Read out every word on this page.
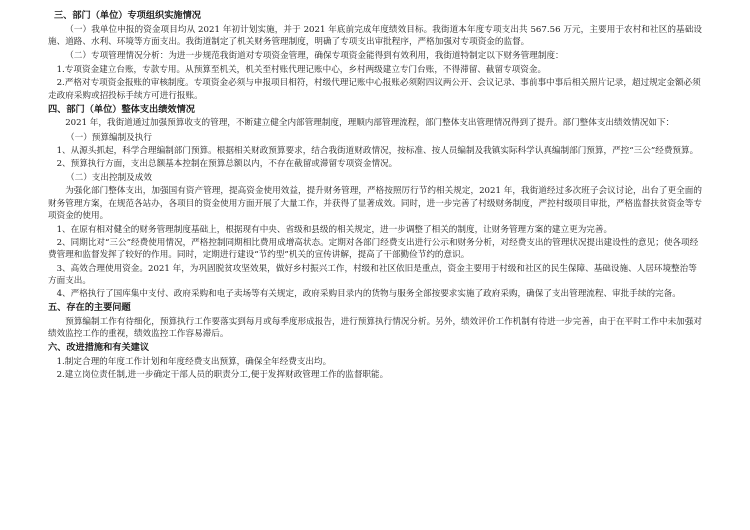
三、部门（单位）专项组织实施情况
（一）我单位申报的资金项目均从 2021 年初计划实施，并于 2021 年底前完成年度绩效目标。我街道本年度专项支出共 567.56 万元，主要用于农村和社区的基础设施、道路、水利、环境等方面支出。我街道制定了机关财务管理制度，明确了专项支出审批程序，严格加强对专项资金的监督。
（二）专项管理情况分析：为进一步规范我街道对专项资金管理，确保专项资金能得到有效利用，我街道特制定以下财务管理制度：
1.专项资金建立台账，专款专用。从预算至机关，机关至村账代理记账中心，乡村两级建立专门台账，不得滞留、截留专项资金。
2.严格对专项资金报账的审核制度。专项资金必须与申报项目相符，村级代理记账中心报账必须附四议两公开、会议记录、事前事中事后相关照片记录，超过规定金额必须走政府采购或招投标手续方可进行报账。
四、部门（单位）整体支出绩效情况
2021 年，我街道通过加强预算收支的管理，不断建立健全内部管理制度，理顺内部管理流程，部门整体支出管理情况得到了提升。部门整体支出绩效情况如下：
（一）预算编制及执行
1、从源头抓起，科学合理编制部门预算。根据相关财政预算要求，结合我街道财政情况，按标准、按人员编制及我镇实际科学认真编制部门预算，严控“三公”经费预算。
2、预算执行方面，支出总额基本控制在预算总额以内，不存在截留或滞留专项资金情况。
（二）支出控制及成效
为强化部门整体支出，加强国有资产管理，提高资金使用效益，提升财务管理，严格按照厉行节约相关规定，2021 年，我街道经过多次班子会议讨论，出台了更全面的财务管理方案，在规范各站办，各项目的资金使用方面开展了大量工作，并获得了显著成效。同时，进一步完善了村级财务制度，严控村级项目审批，严格监督扶贫资金等专项资金的使用。
1、在原有相对健全的财务管理制度基础上，根据现有中央、省级和县级的相关规定，进一步调整了相关的制度，让财务管理方案的建立更为完善。
2、同期比对“三公”经费使用情况，严格控制同期相比费用成增高状态。定期对各部门经费支出进行公示和财务分析，对经费支出的管理状况提出建设性的意见；使各项经费管理和监督发挥了较好的作用。同时，定期进行建设“节约型”机关的宣传讲解，提高了干部勤俭节约的意识。
3、高效合理使用资金。2021 年，为巩固脱贫攻坚效果，做好乡村振兴工作，村级和社区依旧是重点，资金主要用于村级和社区的民生保障、基础设施、人居环境整治等方面支出。
4、严格执行了国库集中支付、政府采购和电子卖场等有关规定，政府采购目录内的货物与服务全部按要求实施了政府采购，确保了支出管理流程、审批手续的完备。
五、存在的主要问题
预算编制工作有待细化，预算执行工作要落实到每月或每季度形成报告，进行预算执行情况分析。另外，绩效评价工作机制有待进一步完善，由于在平时工作中未加强对绩效监控工作的重视，绩效监控工作容易滞后。
六、改进措施和有关建议
1.制定合理的年度工作计划和年度经费支出预算，确保全年经费支出均。
2.建立岗位责任制,进一步确定干部人员的职责分工,便于发挥财政管理工作的监督职能。
